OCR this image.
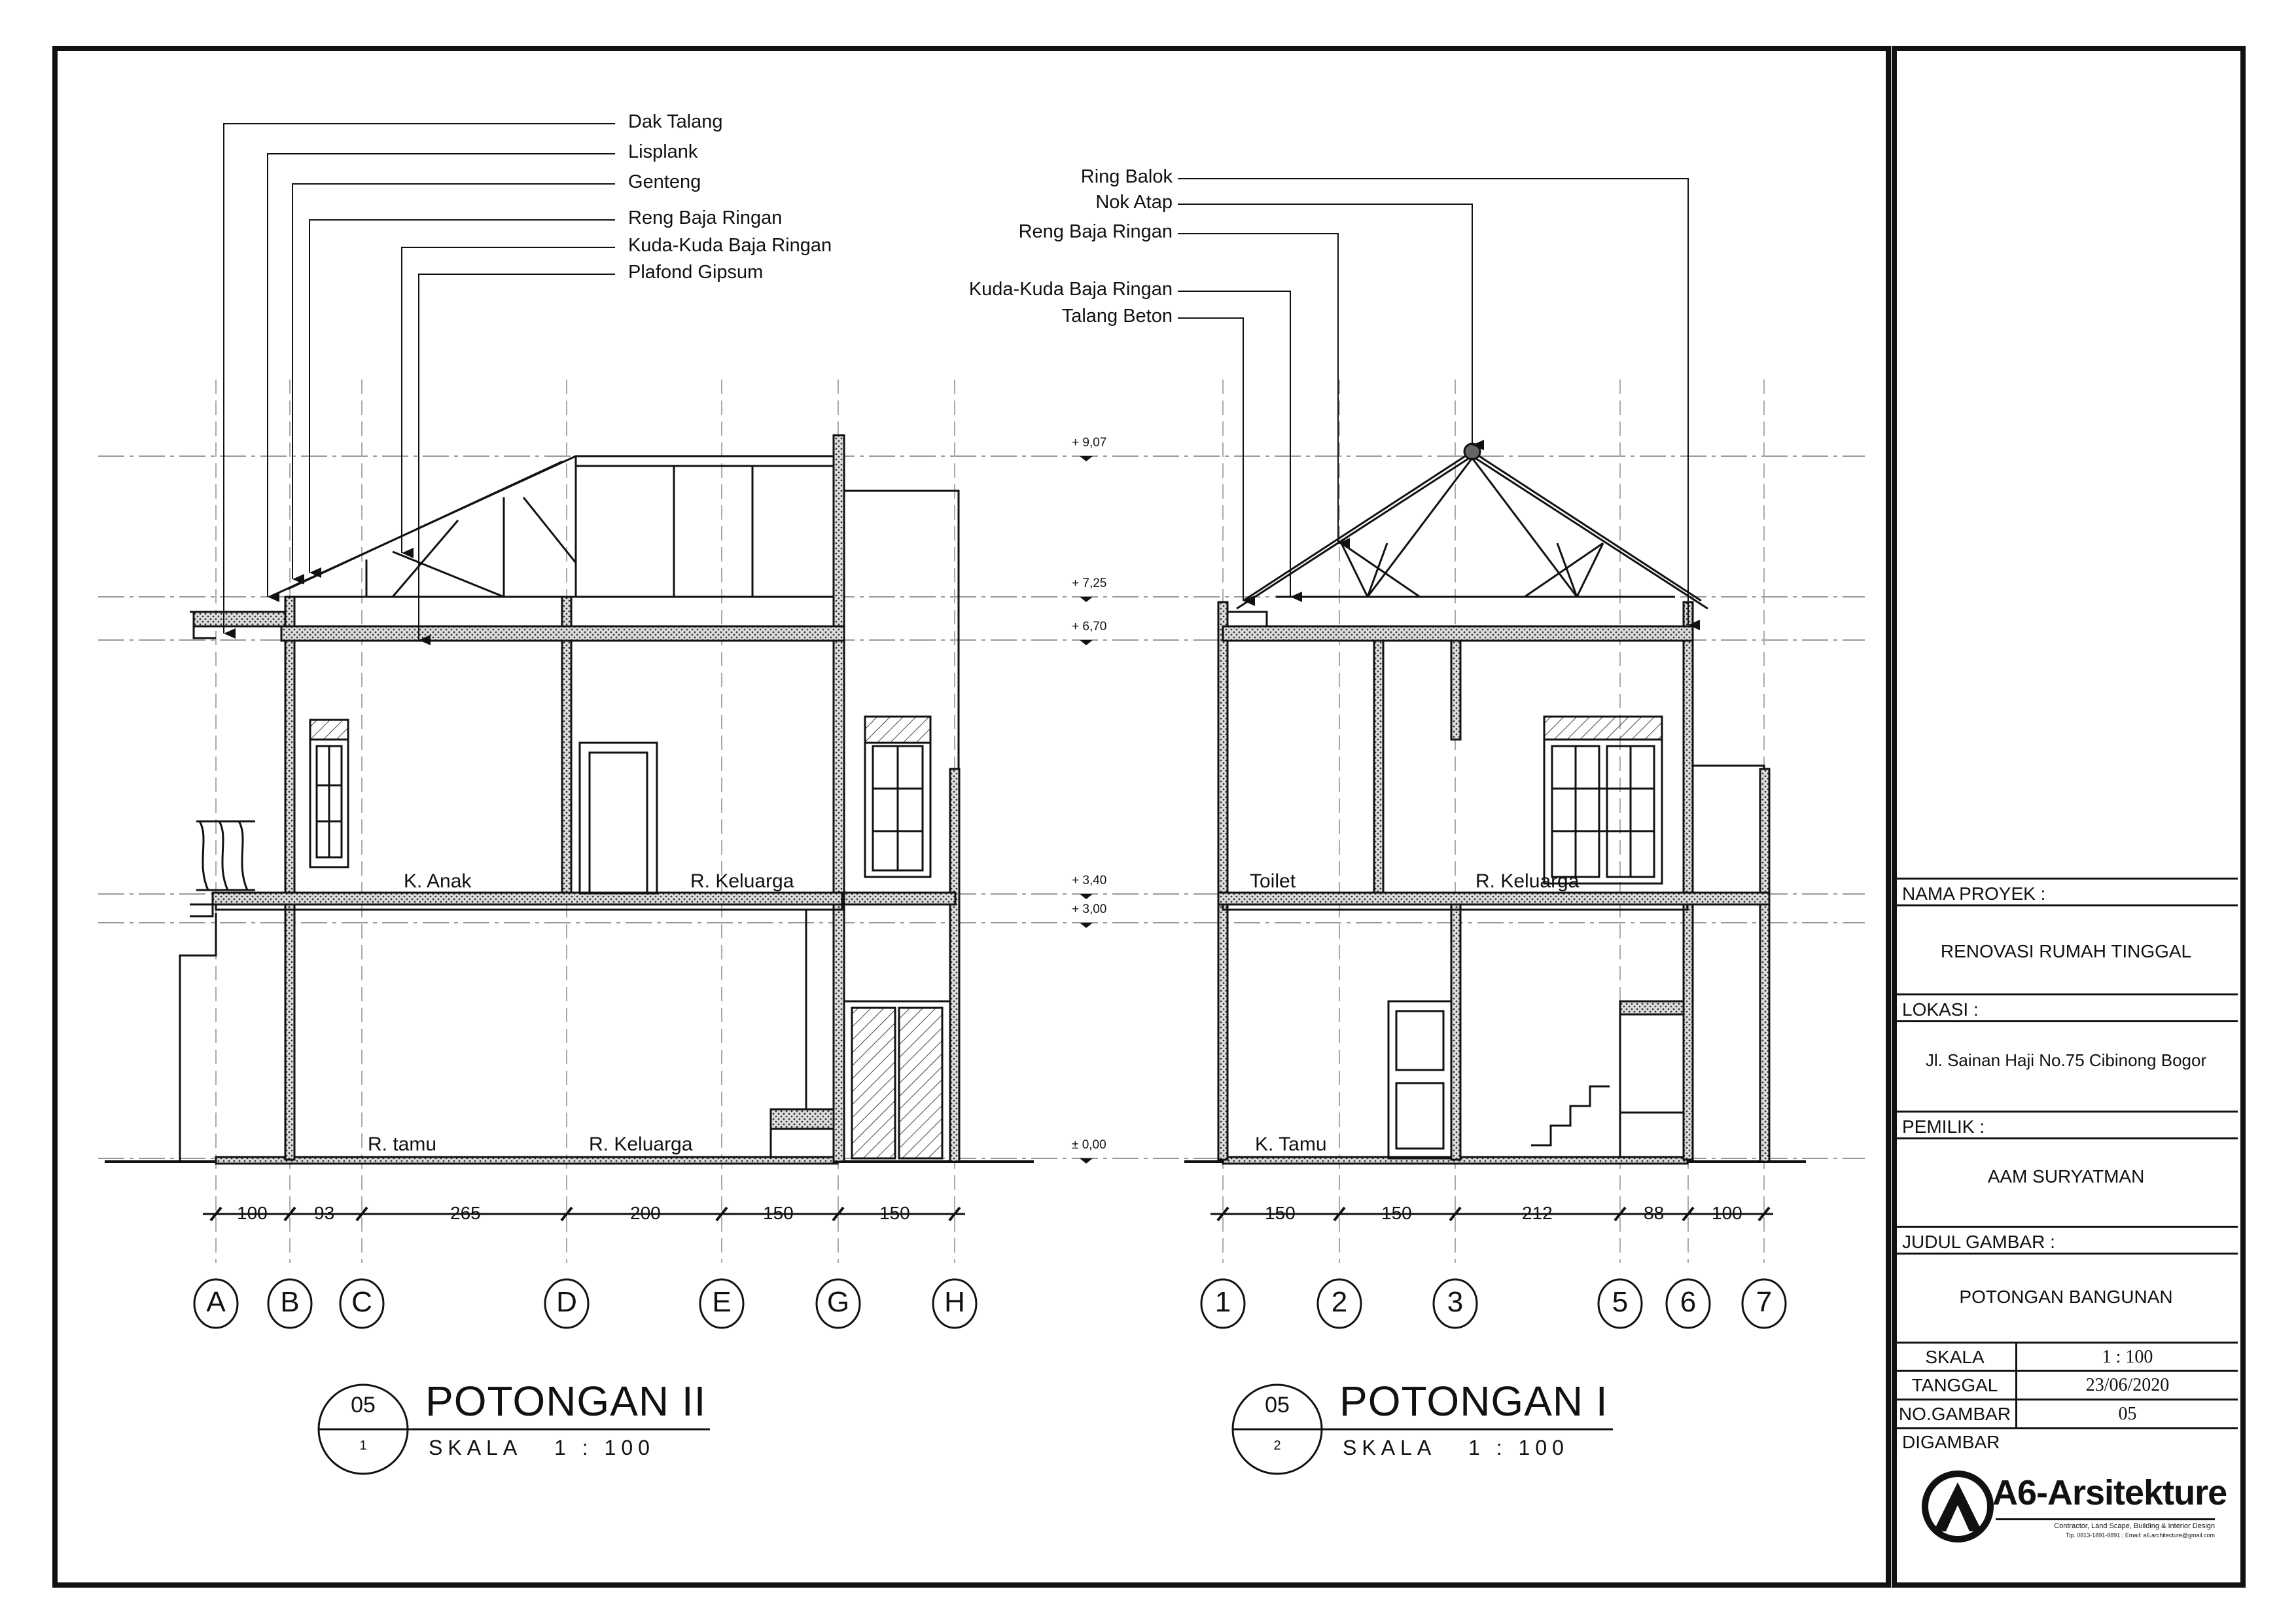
Dak Talang
Lisplank
Genteng
Reng Baja Ringan
Kuda-Kuda Baja Ringan
Plafond Gipsum
Ring Balok
Nok Atap
Reng Baja Ringan
Kuda-Kuda Baja Ringan
Talang Beton
+ 9,07
+ 7,25
+ 6,70
+ 3,40
+ 3,00
± 0,00
K. Anak	R. Keluarga
R. tamu	R. Keluarga
Toilet	R. Keluarga
K. Tamu
100	93	265	200	150	150	150	150	212	88	100
A	B	C	D	E	G	H	1	2	3	5	6	7
05
1
POTONGAN II
SKALA   1 : 100
05
2
POTONGAN I
SKALA   1 : 100
NAMA PROYEK :
RENOVASI RUMAH TINGGAL
LOKASI :
Jl. Sainan Haji No.75 Cibinong Bogor
PEMILIK :
AAM SURYATMAN
JUDUL GAMBAR :
POTONGAN BANGUNAN
SKALA	1 : 100
TANGGAL	23/06/2020
NO.GAMBAR	05
DIGAMBAR
A6-Arsitekture
Contractor, Land Scape, Building & Interior Design
Tlp. 0813-1891-8891 ; Email: a6.architecture@gmail.com
